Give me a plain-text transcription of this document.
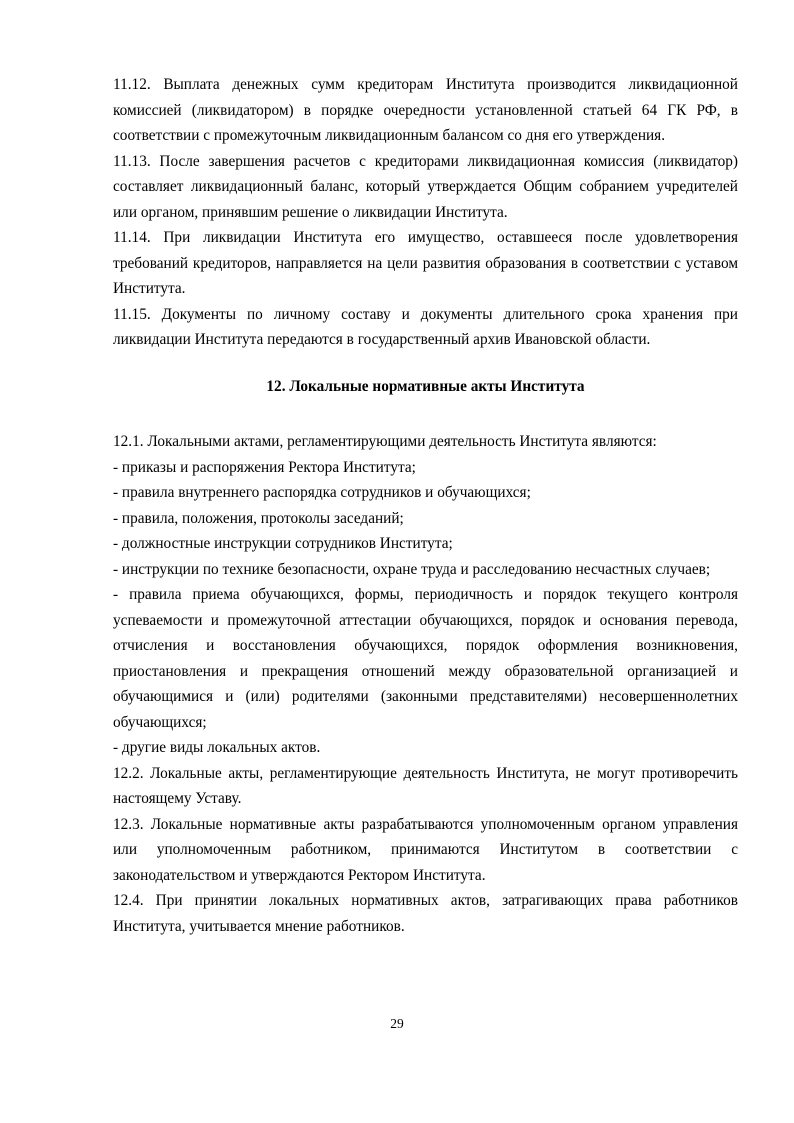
11.12. Выплата денежных сумм кредиторам Института производится ликвидационной комиссией (ликвидатором) в порядке очередности установленной статьей 64 ГК РФ, в соответствии с промежуточным ликвидационным балансом со дня его утверждения.

11.13. После завершения расчетов с кредиторами ликвидационная комиссия (ликвидатор) составляет ликвидационный баланс, который утверждается Общим собранием учредителей или органом, принявшим решение о ликвидации Института.

11.14. При ликвидации Института его имущество, оставшееся после удовлетворения требований кредиторов, направляется на цели развития образования в соответствии с уставом Института.

11.15. Документы по личному составу и документы длительного срока хранения при ликвидации Института передаются в государственный архив Ивановской области.

12. Локальные нормативные акты Института

12.1. Локальными актами, регламентирующими деятельность Института являются:

- приказы и распоряжения Ректора Института;

- правила внутреннего распорядка сотрудников и обучающихся;

- правила, положения, протоколы заседаний;

- должностные инструкции сотрудников Института;

- инструкции по технике безопасности, охране труда и расследованию несчастных случаев;

- правила приема обучающихся, формы, периодичность и порядок текущего контроля успеваемости и промежуточной аттестации обучающихся, порядок и основания перевода, отчисления и восстановления обучающихся, порядок оформления возникновения, приостановления и прекращения отношений между образовательной организацией и обучающимися и (или) родителями (законными представителями) несовершеннолетних обучающихся;

- другие виды локальных актов.

12.2. Локальные акты, регламентирующие деятельность Института, не могут противоречить настоящему Уставу.

12.3. Локальные нормативные акты разрабатываются уполномоченным органом управления или уполномоченным работником, принимаются Институтом в соответствии с законодательством и утверждаются Ректором Института.

12.4. При принятии локальных нормативных актов, затрагивающих права работников Института, учитывается мнение работников.

29
